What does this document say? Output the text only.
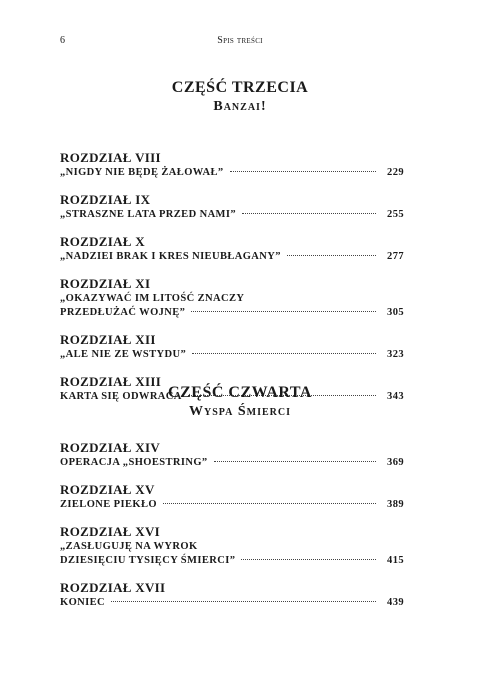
6	Spis treści
CZĘŚĆ TRZECIA
Banzai!
ROZDZIAŁ VIII
„NIGDY NIE BĘDĘ ŻAŁOWAŁ”	229
ROZDZIAŁ IX
„STRASZNE LATA PRZED NAMI”	255
ROZDZIAŁ X
„NADZIEI BRAK I KRES NIEUBŁAGANY”	277
ROZDZIAŁ XI
„OKAZYWAĆ IM LITOŚĆ ZNACZY
PRZEDŁUŻAĆ WOJNĘ”	305
ROZDZIAŁ XII
„ALE NIE ZE WSTYDU”	323
ROZDZIAŁ XIII
KARTA SIĘ ODWRACA	343
CZĘŚĆ CZWARTA
Wyspa Śmierci
ROZDZIAŁ XIV
OPERACJA „SHOESTRING”	369
ROZDZIAŁ XV
ZIELONE PIEKŁO	389
ROZDZIAŁ XVI
„ZASŁUGUJĘ NA WYROK
DZIESIĘCIU TYSIĘCY ŚMIERCI”	415
ROZDZIAŁ XVII
KONIEC	439
